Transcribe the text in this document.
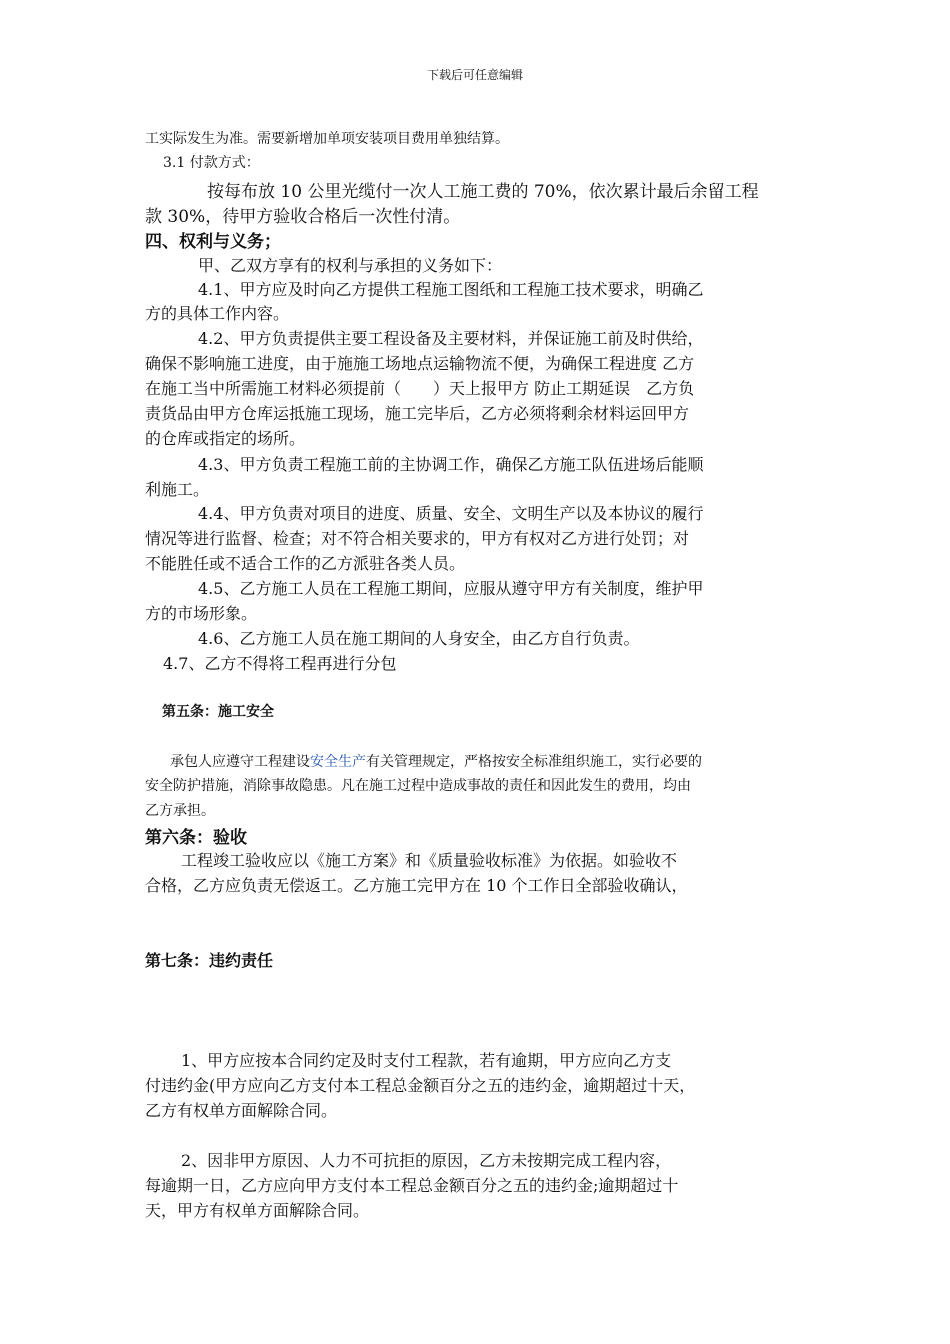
下载后可任意编辑
工实际发生为准。需要新增加单项安装项目费用单独结算。
3.1 付款方式：
按每布放 10 公里光缆付一次人工施工费的 70%，依次累计最后余留工程
款 30%，待甲方验收合格后一次性付清。
四、权利与义务；
甲、乙双方享有的权利与承担的义务如下：
4.1、甲方应及时向乙方提供工程施工图纸和工程施工技术要求，明确乙
方的具体工作内容。
4.2、甲方负责提供主要工程设备及主要材料，并保证施工前及时供给，
确保不影响施工进度，由于施施工场地点运输物流不便，为确保工程进度 乙方
在施工当中所需施工材料必须提前（　　）天上报甲方 防止工期延误　乙方负
责货品由甲方仓库运抵施工现场，施工完毕后，乙方必须将剩余材料运回甲方
的仓库或指定的场所。
4.3、甲方负责工程施工前的主协调工作，确保乙方施工队伍进场后能顺
利施工。
4.4、甲方负责对项目的进度、质量、安全、文明生产以及本协议的履行
情况等进行监督、检查；对不符合相关要求的，甲方有权对乙方进行处罚；对
不能胜任或不适合工作的乙方派驻各类人员。
4.5、乙方施工人员在工程施工期间，应服从遵守甲方有关制度，维护甲
方的市场形象。
4.6、乙方施工人员在施工期间的人身安全，由乙方自行负责。
4.7、乙方不得将工程再进行分包
第五条：施工安全
承包人应遵守工程建设安全生产有关管理规定，严格按安全标准组织施工，实行必要的
安全防护措施，消除事故隐患。凡在施工过程中造成事故的责任和因此发生的费用，均由
乙方承担。
第六条：验收
工程竣工验收应以《施工方案》和《质量验收标准》为依据。如验收不
合格，乙方应负责无偿返工。乙方施工完甲方在 10 个工作日全部验收确认，
第七条：违约责任
1、甲方应按本合同约定及时支付工程款，若有逾期，甲方应向乙方支
付违约金(甲方应向乙方支付本工程总金额百分之五的违约金，逾期超过十天，
乙方有权单方面解除合同。
2、因非甲方原因、人力不可抗拒的原因，乙方未按期完成工程内容，
每逾期一日，乙方应向甲方支付本工程总金额百分之五的违约金;逾期超过十
天，甲方有权单方面解除合同。
